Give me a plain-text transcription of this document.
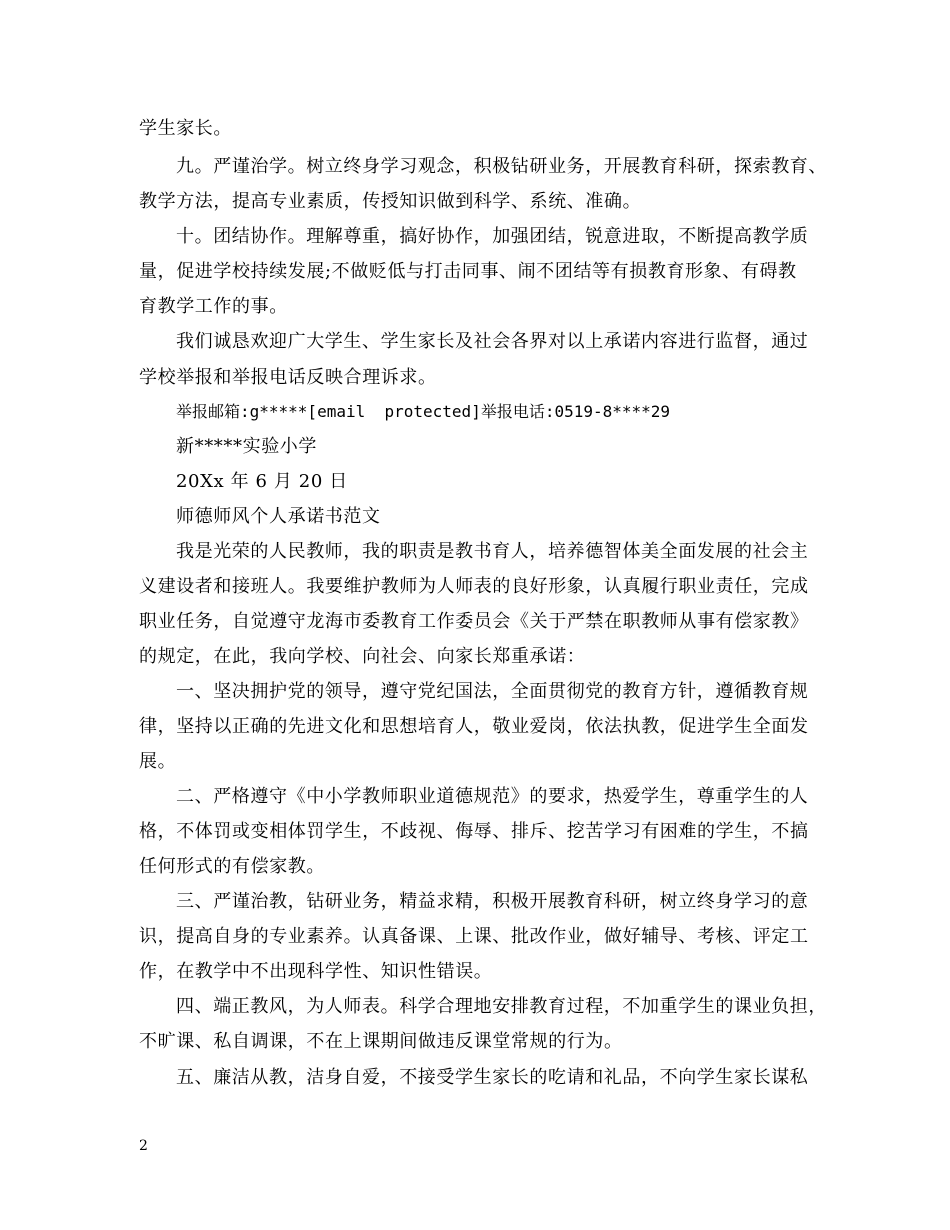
学生家长。
九。严谨治学。树立终身学习观念，积极钻研业务，开展教育科研，探索教育、
教学方法，提高专业素质，传授知识做到科学、系统、准确。
十。团结协作。理解尊重，搞好协作，加强团结，锐意进取，不断提高教学质
量，促进学校持续发展;不做贬低与打击同事、闹不团结等有损教育形象、有碍教
育教学工作的事。
我们诚恳欢迎广大学生、学生家长及社会各界对以上承诺内容进行监督，通过
学校举报和举报电话反映合理诉求。
举报邮箱:g*****[email  protected]举报电话:0519-8****29
新*****实验小学
20Xx 年 6 月 20 日
师德师风个人承诺书范文
我是光荣的人民教师，我的职责是教书育人，培养德智体美全面发展的社会主
义建设者和接班人。我要维护教师为人师表的良好形象，认真履行职业责任，完成
职业任务，自觉遵守龙海市委教育工作委员会《关于严禁在职教师从事有偿家教》
的规定，在此，我向学校、向社会、向家长郑重承诺：
一、坚决拥护党的领导，遵守党纪国法，全面贯彻党的教育方针，遵循教育规
律，坚持以正确的先进文化和思想培育人，敬业爱岗，依法执教，促进学生全面发
展。
二、严格遵守《中小学教师职业道德规范》的要求，热爱学生，尊重学生的人
格，不体罚或变相体罚学生，不歧视、侮辱、排斥、挖苦学习有困难的学生，不搞
任何形式的有偿家教。
三、严谨治教，钻研业务，精益求精，积极开展教育科研，树立终身学习的意
识，提高自身的专业素养。认真备课、上课、批改作业，做好辅导、考核、评定工
作，在教学中不出现科学性、知识性错误。
四、端正教风，为人师表。科学合理地安排教育过程，不加重学生的课业负担，
不旷课、私自调课，不在上课期间做违反课堂常规的行为。
五、廉洁从教，洁身自爱，不接受学生家长的吃请和礼品，不向学生家长谋私
2
